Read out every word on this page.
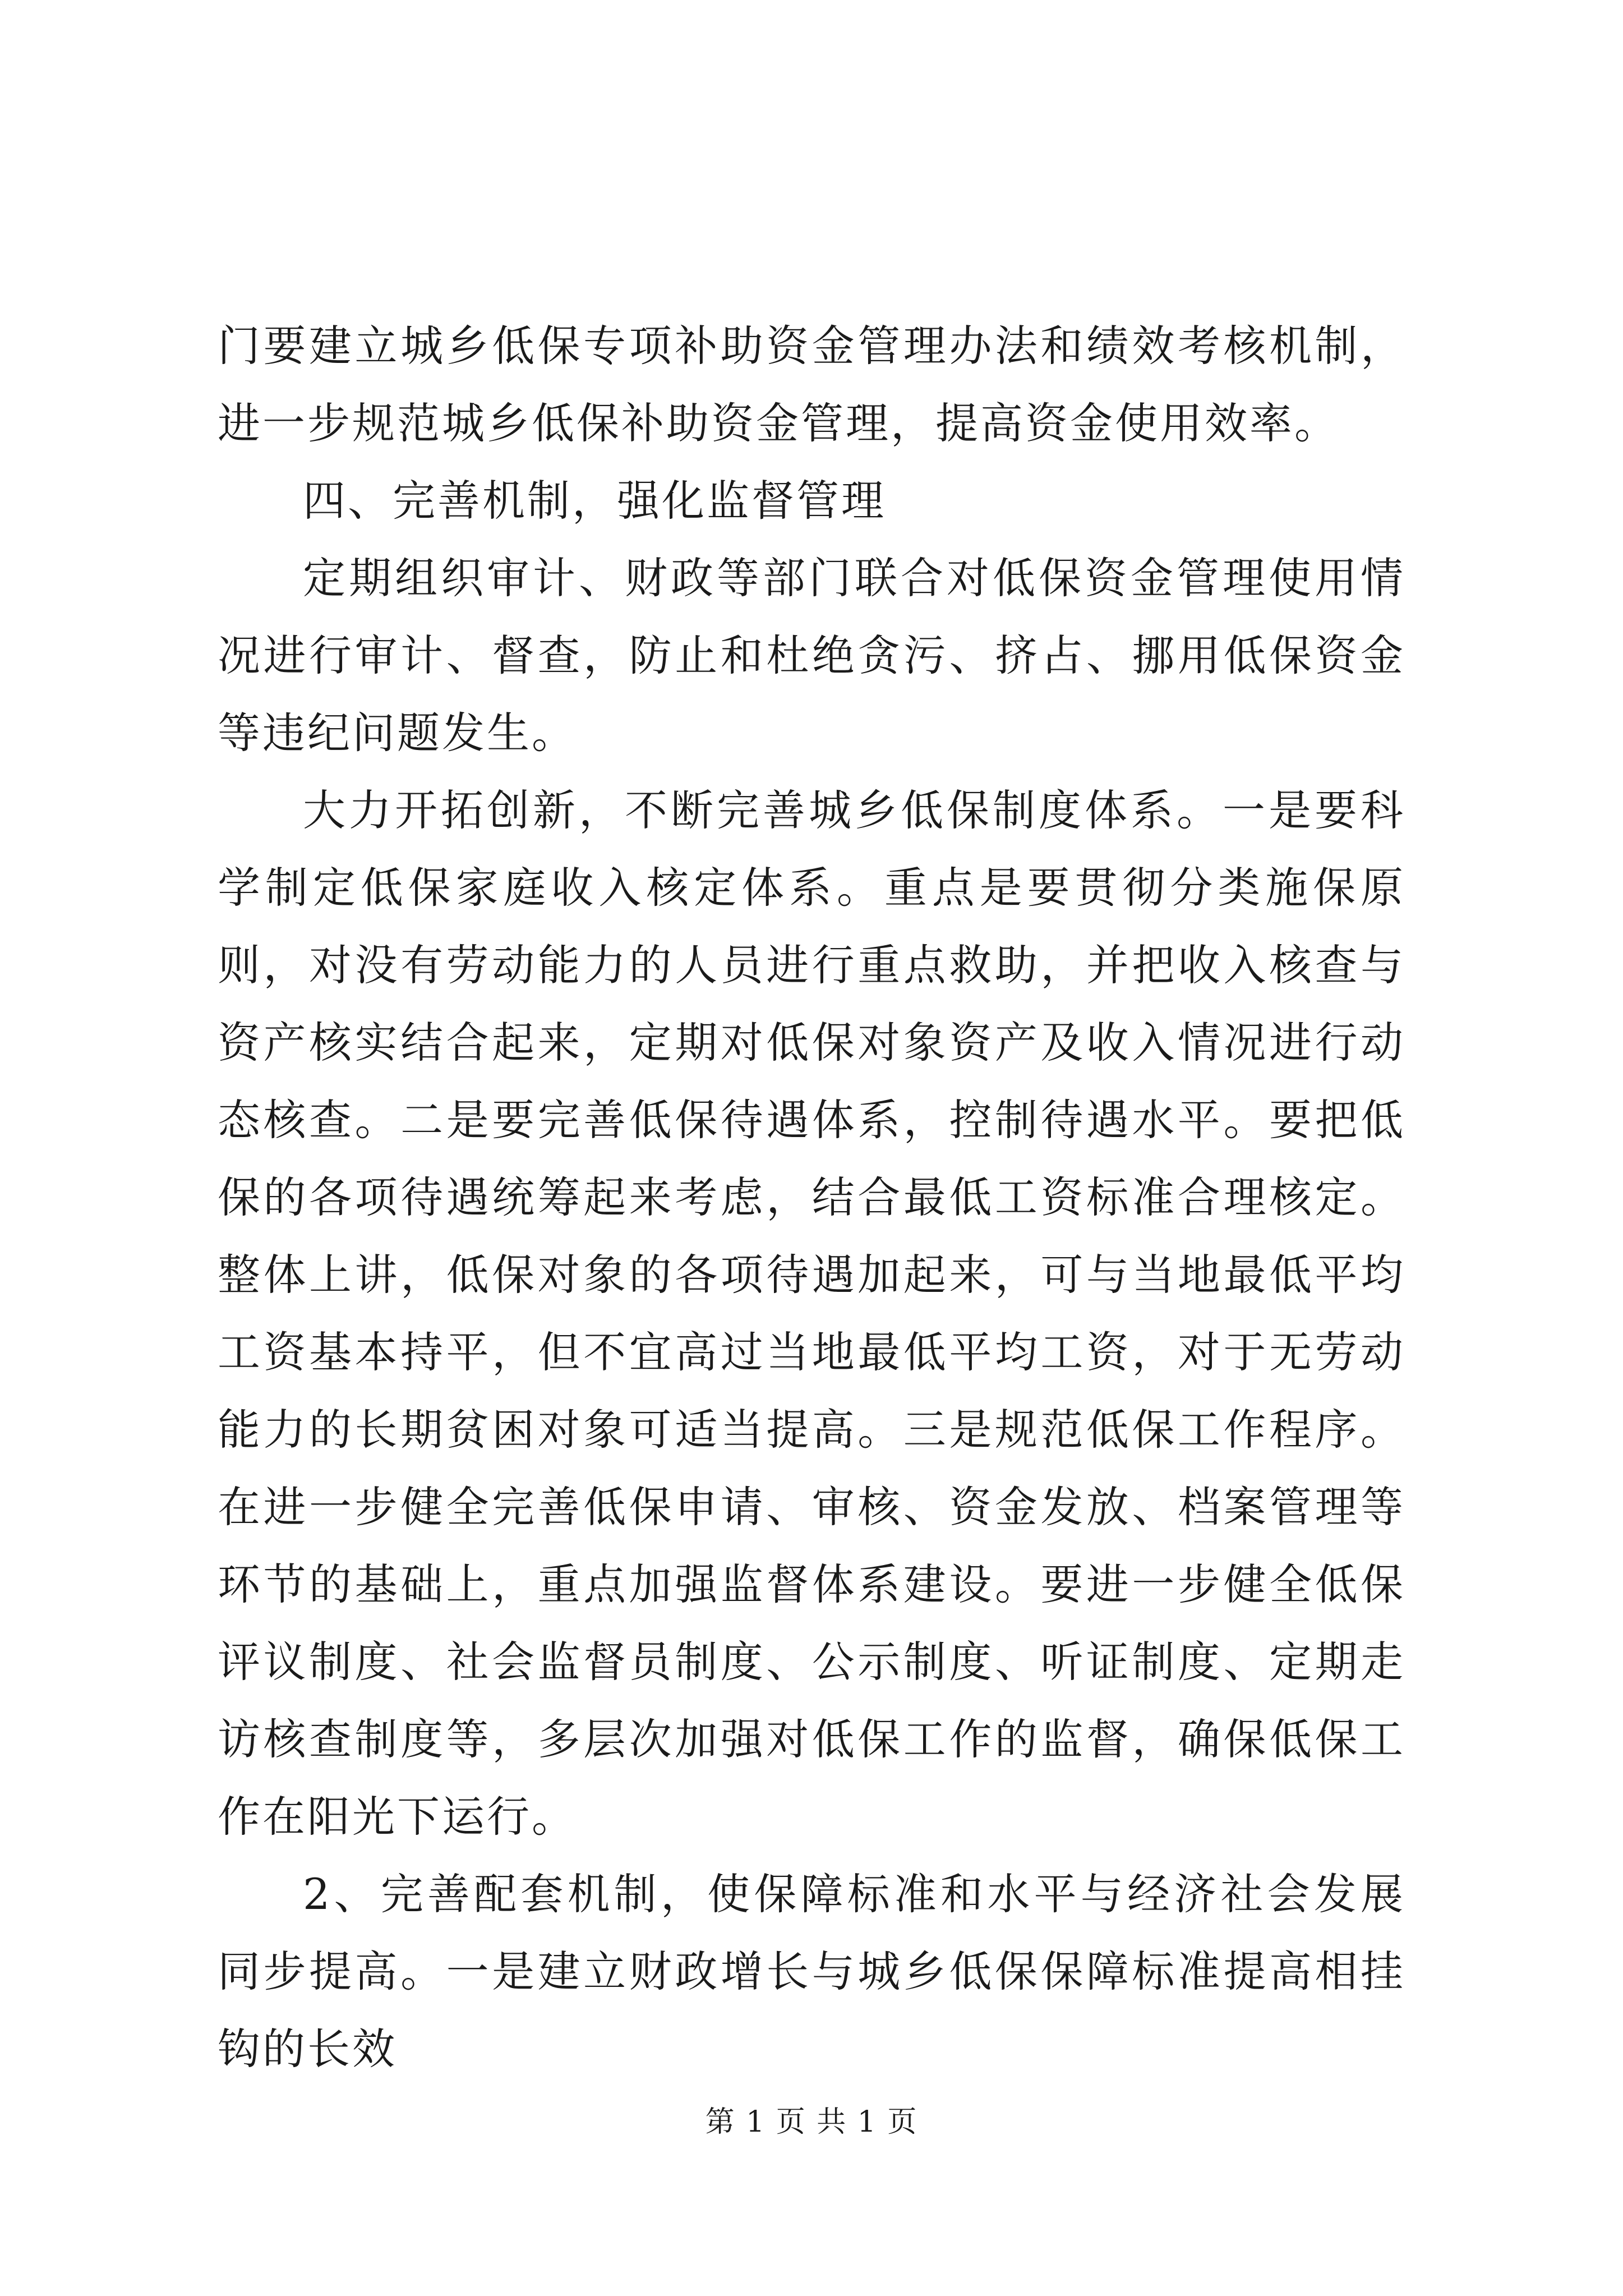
门要建立城乡低保专项补助资金管理办法和绩效考核机制，进一步规范城乡低保补助资金管理，提高资金使用效率。

四、完善机制，强化监督管理

定期组织审计、财政等部门联合对低保资金管理使用情况进行审计、督查，防止和杜绝贪污、挤占、挪用低保资金等违纪问题发生。

大力开拓创新，不断完善城乡低保制度体系。一是要科学制定低保家庭收入核定体系。重点是要贯彻分类施保原则，对没有劳动能力的人员进行重点救助，并把收入核查与资产核实结合起来，定期对低保对象资产及收入情况进行动态核查。二是要完善低保待遇体系，控制待遇水平。要把低保的各项待遇统筹起来考虑，结合最低工资标准合理核定。整体上讲，低保对象的各项待遇加起来，可与当地最低平均工资基本持平，但不宜高过当地最低平均工资，对于无劳动能力的长期贫困对象可适当提高。三是规范低保工作程序。在进一步健全完善低保申请、审核、资金发放、档案管理等环节的基础上，重点加强监督体系建设。要进一步健全低保评议制度、社会监督员制度、公示制度、听证制度、定期走访核查制度等，多层次加强对低保工作的监督，确保低保工作在阳光下运行。

2、完善配套机制，使保障标准和水平与经济社会发展同步提高。一是建立财政增长与城乡低保保障标准提高相挂钩的长效

第 1 页 共 1 页
